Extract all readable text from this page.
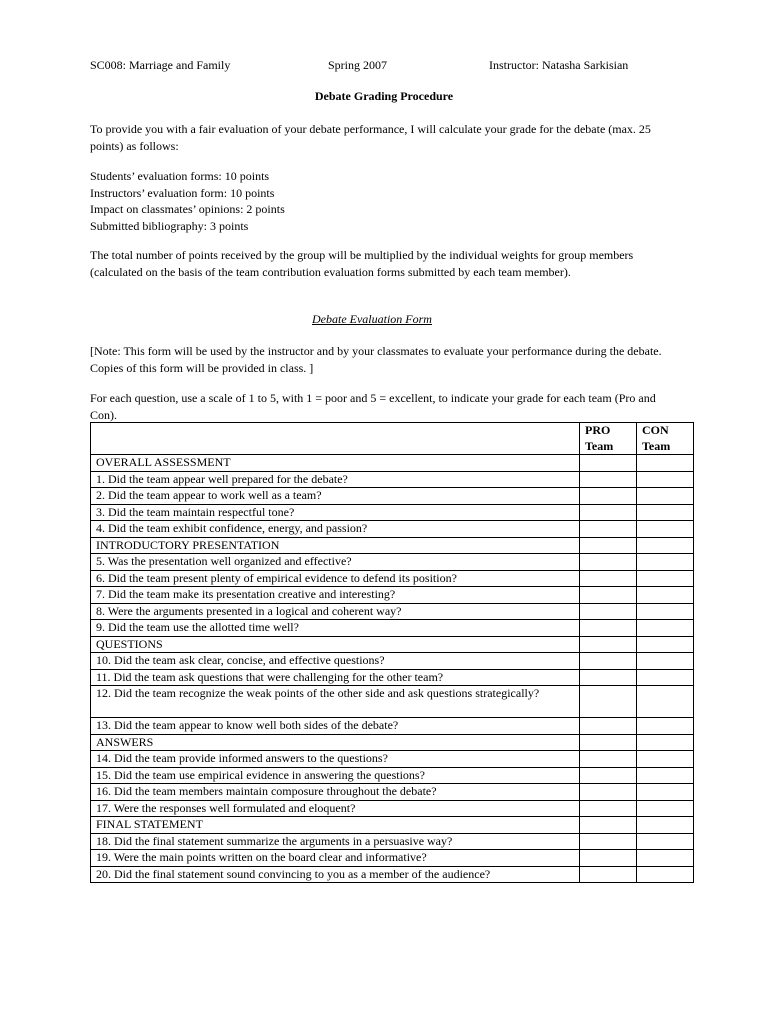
SC008: Marriage and Family	Spring 2007	Instructor: Natasha Sarkisian
Debate Grading Procedure
To provide you with a fair evaluation of your debate performance, I will calculate your grade for the debate (max. 25 points) as follows:
Students’ evaluation forms: 10 points
Instructors’ evaluation form: 10 points
Impact on classmates’ opinions: 2 points
Submitted bibliography: 3 points
The total number of points received by the group will be multiplied by the individual weights for group members (calculated on the basis of the team contribution evaluation forms submitted by each team member).
Debate Evaluation Form
[Note: This form will be used by the instructor and by your classmates to evaluate your performance during the debate. Copies of this form will be provided in class. ]
For each question, use a scale of 1 to 5, with 1 = poor and 5 = excellent, to indicate your grade for each team (Pro and Con).
	PRO Team	CON Team
OVERALL ASSESSMENT		
1. Did the team appear well prepared for the debate?		
2. Did the team appear to work well as a team?		
3. Did the team maintain respectful tone?		
4. Did the team exhibit confidence, energy, and passion?		
INTRODUCTORY PRESENTATION		
5. Was the presentation well organized and effective?		
6. Did the team present plenty of empirical evidence to defend its position?		
7. Did the team make its presentation creative and interesting?		
8. Were the arguments presented in a logical and coherent way?		
9. Did the team use the allotted time well?		
QUESTIONS		
10. Did the team ask clear, concise, and effective questions?		
11. Did the team ask questions that were challenging for the other team?		
12. Did the team recognize the weak points of the other side and ask questions strategically?		
13. Did the team appear to know well both sides of the debate?		
ANSWERS		
14. Did the team provide informed answers to the questions?		
15. Did the team use empirical evidence in answering the questions?		
16. Did the team members maintain composure throughout the debate?		
17. Were the responses well formulated and eloquent?		
FINAL STATEMENT		
18. Did the final statement summarize the arguments in a persuasive way?		
19. Were the main points written on the board clear and informative?		
20. Did the final statement sound convincing to you as a member of the audience?		
